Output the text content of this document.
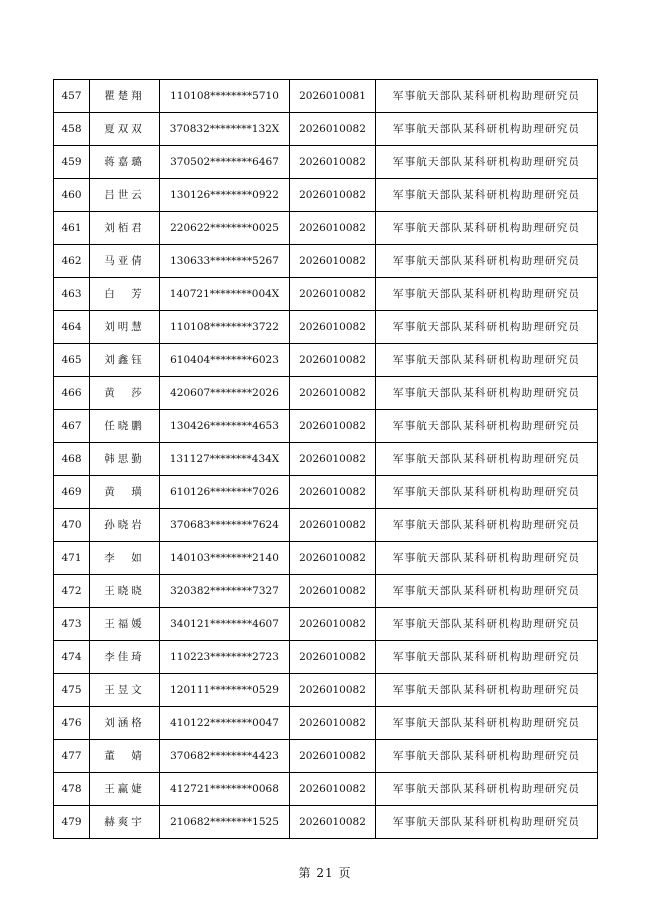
457	瞿楚翔	110108********5710	2026010081	军事航天部队某科研机构助理研究员
458	夏双双	370832********132X	2026010082	军事航天部队某科研机构助理研究员
459	蒋嘉璐	370502********6467	2026010082	军事航天部队某科研机构助理研究员
460	吕世云	130126********0922	2026010082	军事航天部队某科研机构助理研究员
461	刘栢君	220622********0025	2026010082	军事航天部队某科研机构助理研究员
462	马亚倩	130633********5267	2026010082	军事航天部队某科研机构助理研究员
463	白　芳	140721********004X	2026010082	军事航天部队某科研机构助理研究员
464	刘明慧	110108********3722	2026010082	军事航天部队某科研机构助理研究员
465	刘鑫钰	610404********6023	2026010082	军事航天部队某科研机构助理研究员
466	黄　莎	420607********2026	2026010082	军事航天部队某科研机构助理研究员
467	任晓鹏	130426********4653	2026010082	军事航天部队某科研机构助理研究员
468	韩思勤	131127********434X	2026010082	军事航天部队某科研机构助理研究员
469	黄　璜	610126********7026	2026010082	军事航天部队某科研机构助理研究员
470	孙晓岩	370683********7624	2026010082	军事航天部队某科研机构助理研究员
471	李　如	140103********2140	2026010082	军事航天部队某科研机构助理研究员
472	王晓晓	320382********7327	2026010082	军事航天部队某科研机构助理研究员
473	王福媛	340121********4607	2026010082	军事航天部队某科研机构助理研究员
474	李佳琦	110223********2723	2026010082	军事航天部队某科研机构助理研究员
475	王昱文	120111********0529	2026010082	军事航天部队某科研机构助理研究员
476	刘涵格	410122********0047	2026010082	军事航天部队某科研机构助理研究员
477	董　婧	370682********4423	2026010082	军事航天部队某科研机构助理研究员
478	王赢婕	412721********0068	2026010082	军事航天部队某科研机构助理研究员
479	赫爽宇	210682********1525	2026010082	军事航天部队某科研机构助理研究员
第 21 页
